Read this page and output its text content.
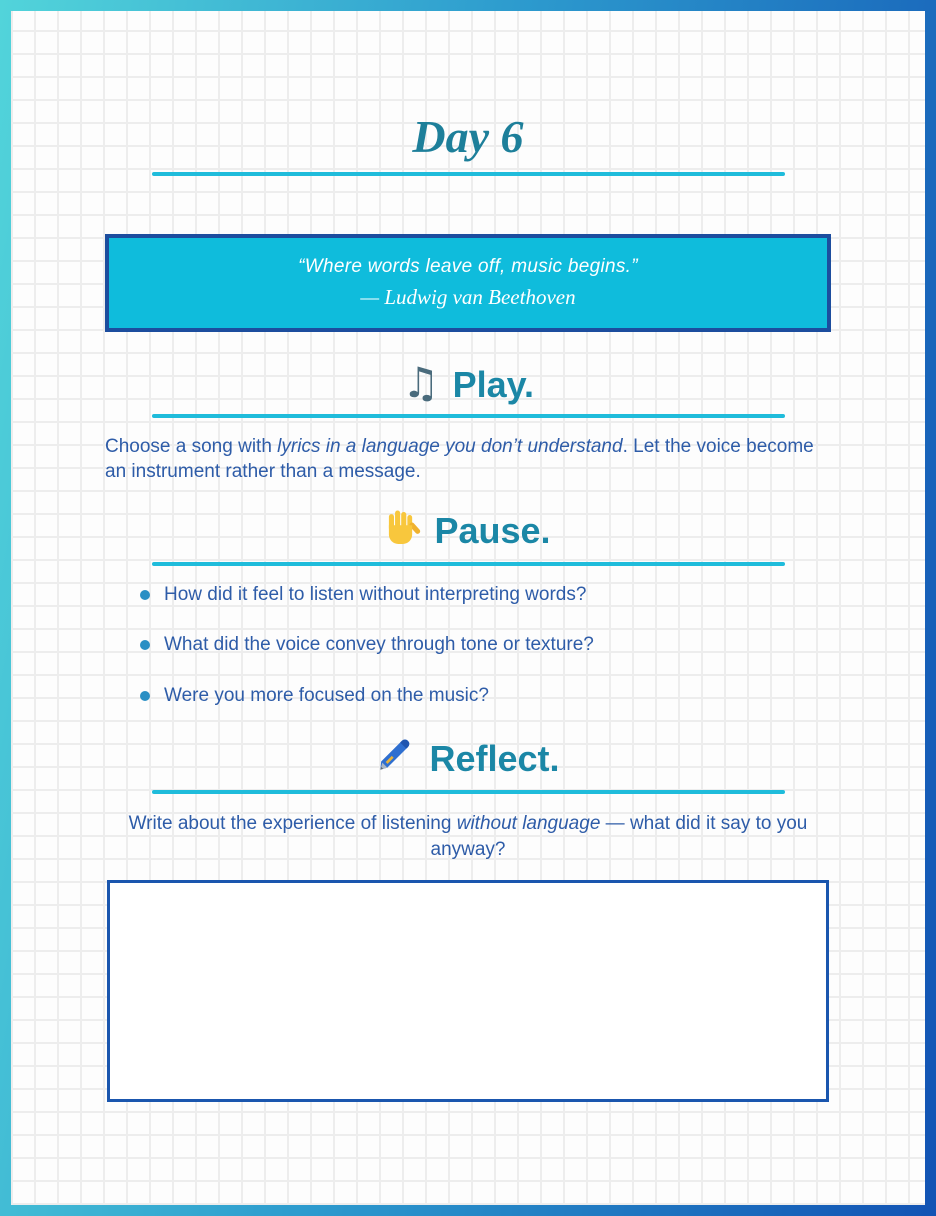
Day 6
“Where words leave off, music begins.”
— Ludwig van Beethoven
♫ Play.

Choose a song with lyrics in a language you don’t understand. Let the voice become an instrument rather than a message.

Pause.
How did it feel to listen without interpreting words?
What did the voice convey through tone or texture?
Were you more focused on the music?
Reflect.

Write about the experience of listening without language — what did it say to you anyway?
